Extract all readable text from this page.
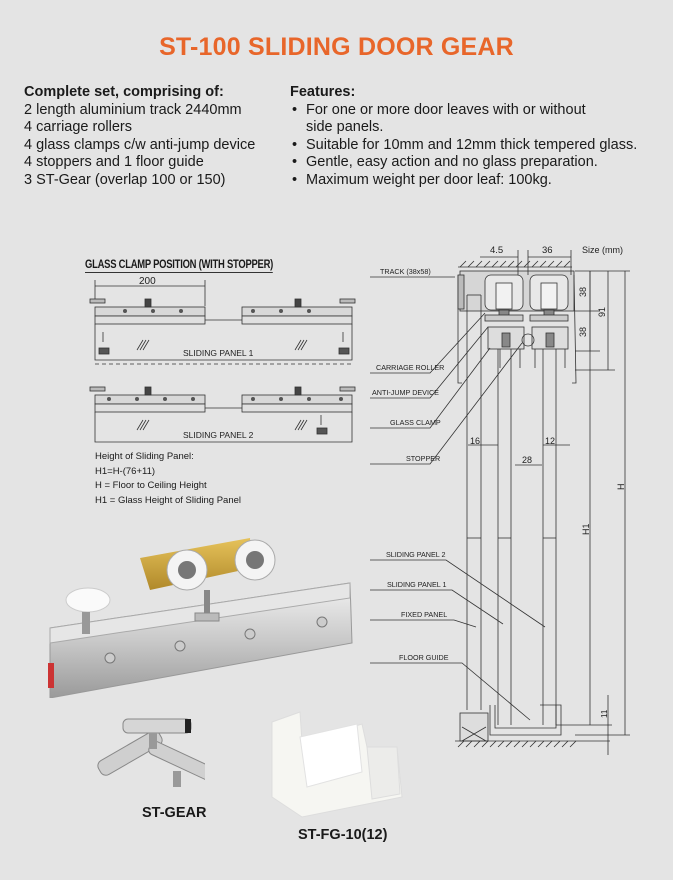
ST-100 SLIDING DOOR GEAR
Complete set, comprising of:
2 length aluminium track 2440mm
4 carriage rollers
4 glass clamps c/w anti-jump device
4 stoppers and 1 floor guide
3 ST-Gear (overlap 100 or 150)
Features:
• For one or more door leaves with or without side panels.
• Suitable for 10mm and 12mm thick tempered glass.
• Gentle, easy action and no glass preparation.
• Maximum weight per door leaf: 100kg.
GLASS CLAMP POSITION (WITH STOPPER)
200
SLIDING PANEL 1
SLIDING PANEL 2
Height of Sliding Panel:
H1=H-(76+11)
H = Floor to Ceiling Height
H1 = Glass Height of Sliding Panel
4.5	36	Size (mm)
38
38
91
16	12
28
H
H1
11
TRACK (38x58)
CARRIAGE ROLLER
ANTI-JUMP DEVICE
GLASS CLAMP
STOPPER
SLIDING PANEL 2
SLIDING PANEL 1
FIXED PANEL
FLOOR GUIDE
ST-GEAR
ST-FG-10(12)
